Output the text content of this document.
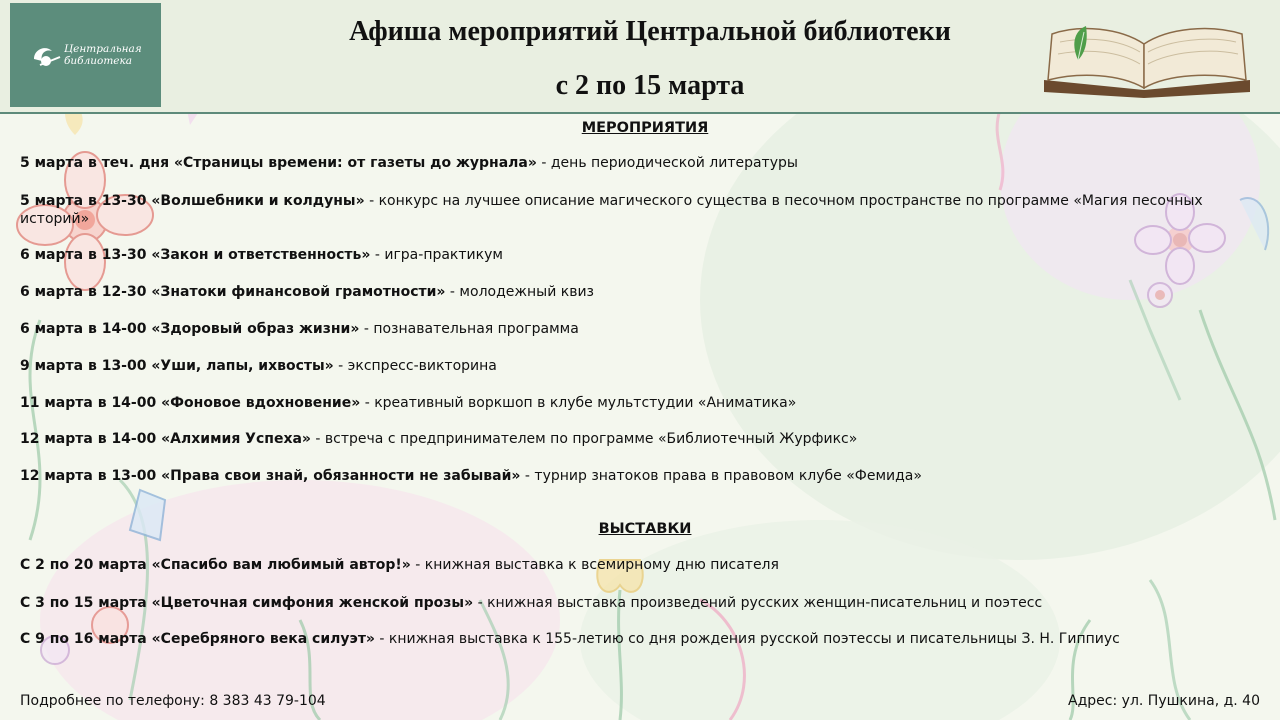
Центральная
библиотека
Афиша мероприятий Центральной библиотеки
с 2 по 15 марта
МЕРОПРИЯТИЯ
5 марта в теч. дня «Страницы времени: от газеты до журнала» - день периодической литературы
5 марта в 13-30 «Волшебники и колдуны» - конкурс на лучшее описание магического существа в песочном пространстве по программе «Магия песочных историй»
6 марта в 13-30 «Закон и ответственность» - игра-практикум
6 марта в 12-30 «Знатоки финансовой грамотности» - молодежный квиз
6 марта в 14-00 «Здоровый образ жизни» - познавательная программа
9 марта в 13-00 «Уши, лапы, ихвосты» - экспресс-викторина
11 марта в 14-00 «Фоновое вдохновение» - креативный воркшоп в клубе мультстудии «Аниматика»
12 марта в 14-00 «Алхимия Успеха» - встреча с предпринимателем по программе «Библиотечный Журфикс»
12 марта в 13-00 «Права свои знай, обязанности не забывай» - турнир знатоков права в правовом клубе «Фемида»
ВЫСТАВКИ
С 2 по 20 марта «Спасибо вам любимый автор!» - книжная выставка к всемирному дню писателя
С 3 по 15 марта «Цветочная симфония женской прозы» - книжная выставка произведений русских женщин-писательниц и поэтесс
С 9 по 16 марта «Серебряного века силуэт» - книжная выставка к 155-летию со дня рождения русской поэтессы и писательницы З. Н. Гиппиус
Подробнее по телефону: 8 383 43 79-104	Адрес: ул. Пушкина, д. 40
